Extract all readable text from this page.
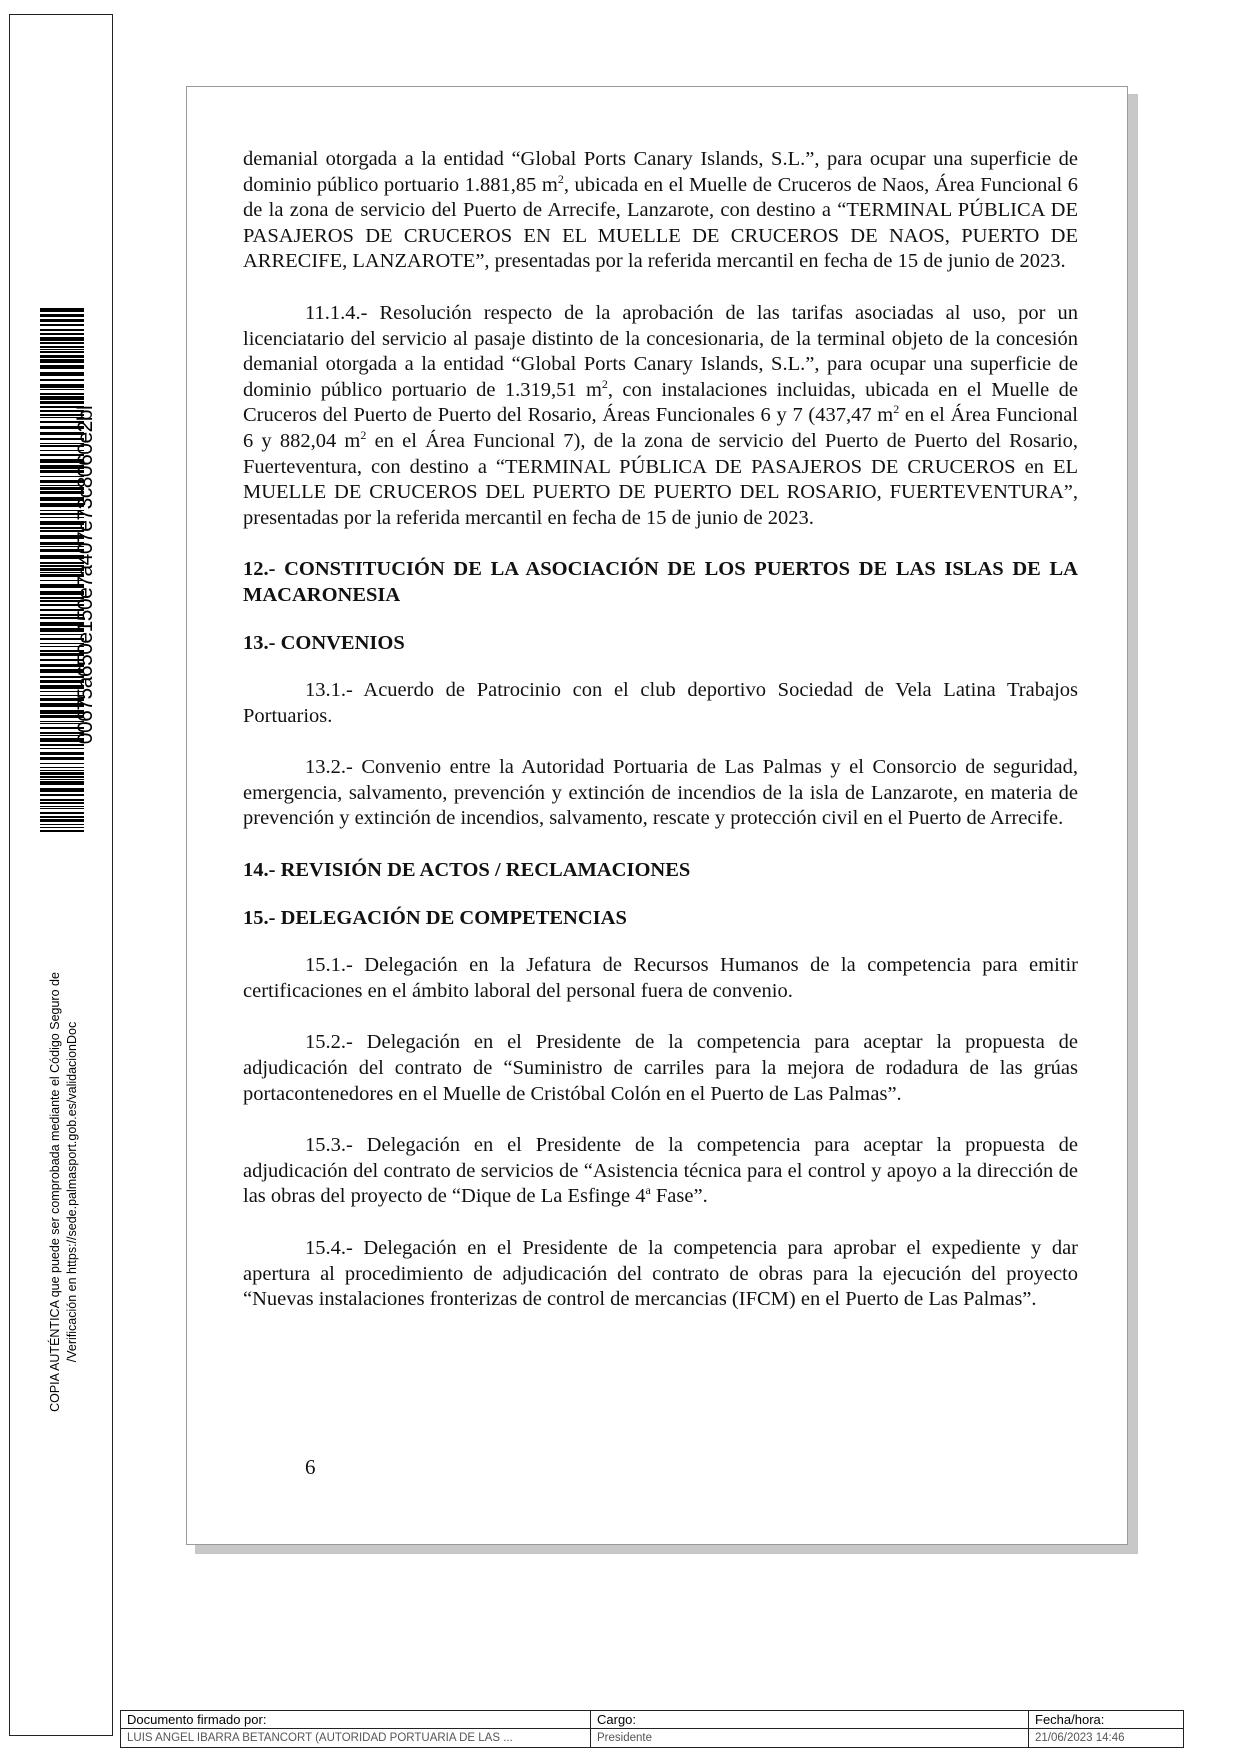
00675a650e150e7a407e73c8060e2bl
COPIA AUTÉNTICA que puede ser comprobada mediante el Código Seguro de /Verificación en https://sede.palmasport.gob.es/validacionDoc

demanial otorgada a la entidad “Global Ports Canary Islands, S.L.”, para ocupar una superficie de dominio público portuario 1.881,85 $m^2$, ubicada en el Muelle de Cruceros de Naos, Área Funcional 6 de la zona de servicio del Puerto de Arrecife, Lanzarote, con destino a “TERMINAL PÚBLICA DE PASAJEROS DE CRUCEROS EN EL MUELLE DE CRUCEROS DE NAOS, PUERTO DE ARRECIFE, LANZAROTE”, presentadas por la referida mercantil en fecha de 15 de junio de 2023.

11.1.4.- Resolución respecto de la aprobación de las tarifas asociadas al uso, por un licenciatario del servicio al pasaje distinto de la concesionaria, de la terminal objeto de la concesión demanial otorgada a la entidad “Global Ports Canary Islands, S.L.”, para ocupar una superficie de dominio público portuario de 1.319,51 $m^2$, con instalaciones incluidas, ubicada en el Muelle de Cruceros del Puerto de Puerto del Rosario, Áreas Funcionales 6 y 7 (437,47 $m^2$ en el Área Funcional 6 y 882,04 $m^2$ en el Área Funcional 7), de la zona de servicio del Puerto de Puerto del Rosario, Fuerteventura, con destino a “TERMINAL PÚBLICA DE PASAJEROS DE CRUCEROS en EL MUELLE DE CRUCEROS DEL PUERTO DE PUERTO DEL ROSARIO, FUERTEVENTURA”, presentadas por la referida mercantil en fecha de 15 de junio de 2023.

12.- CONSTITUCIÓN DE LA ASOCIACIÓN DE LOS PUERTOS DE LAS ISLAS DE LA MACARONESIA

13.- CONVENIOS

13.1.- Acuerdo de Patrocinio con el club deportivo Sociedad de Vela Latina Trabajos Portuarios.

13.2.- Convenio entre la Autoridad Portuaria de Las Palmas y el Consorcio de seguridad, emergencia, salvamento, prevención y extinción de incendios de la isla de Lanzarote, en materia de prevención y extinción de incendios, salvamento, rescate y protección civil en el Puerto de Arrecife.

14.- REVISIÓN DE ACTOS / RECLAMACIONES

15.- DELEGACIÓN DE COMPETENCIAS

15.1.- Delegación en la Jefatura de Recursos Humanos de la competencia para emitir certificaciones en el ámbito laboral del personal fuera de convenio.

15.2.- Delegación en el Presidente de la competencia para aceptar la propuesta de adjudicación del contrato de “Suministro de carriles para la mejora de rodadura de las grúas portacontenedores en el Muelle de Cristóbal Colón en el Puerto de Las Palmas”.

15.3.- Delegación en el Presidente de la competencia para aceptar la propuesta de adjudicación del contrato de servicios de “Asistencia técnica para el control y apoyo a la dirección de las obras del proyecto de “Dique de La Esfinge 4$^a$ Fase”.

15.4.- Delegación en el Presidente de la competencia para aprobar el expediente y dar apertura al procedimiento de adjudicación del contrato de obras para la ejecución del proyecto “Nuevas instalaciones fronterizas de control de mercancias (IFCM) en el Puerto de Las Palmas”.

6
Documento firmado por:	Cargo:	Fecha/hora:
LUIS ANGEL IBARRA BETANCORT (AUTORIDAD PORTUARIA DE LAS ...	Presidente	21/06/2023 14:46
